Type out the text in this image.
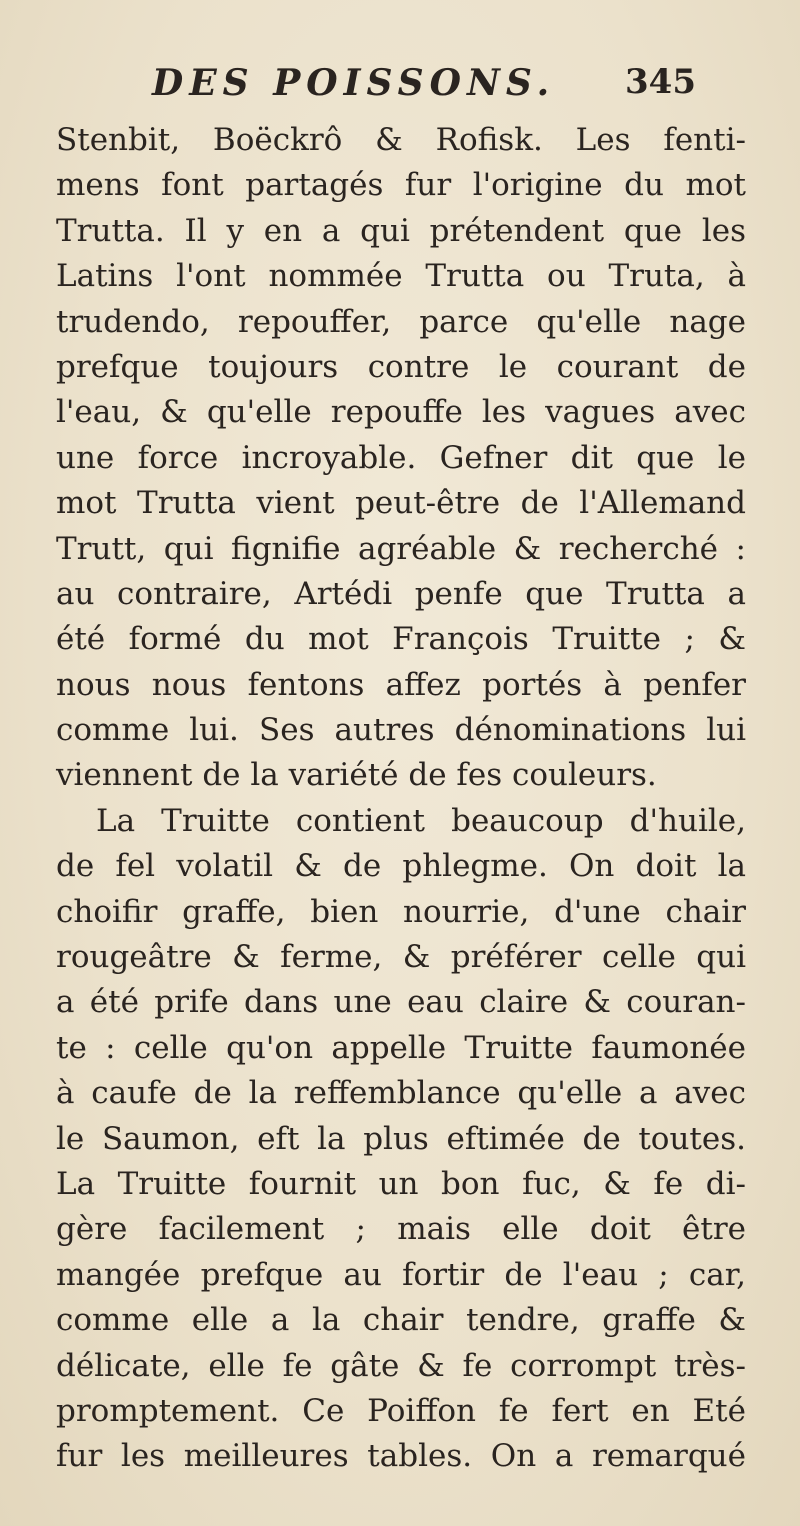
DES POISSONS. 345
Stenbit, Boëckrô & Rofisk. Les fenti-
mens font partagés fur l'origine du mot
Trutta. Il y en a qui prétendent que les
Latins l'ont nommée Trutta ou Truta, à
trudendo, repouffer, parce qu'elle nage
prefque toujours contre le courant de
l'eau, & qu'elle repouffe les vagues avec
une force incroyable. Gefner dit que le
mot Trutta vient peut-être de l'Allemand
Trutt, qui fignifie agréable & recherché :
au contraire, Artédi penfe que Trutta a
été formé du mot François Truitte ; &
nous nous fentons affez portés à penfer
comme lui. Ses autres dénominations lui
viennent de la variété de fes couleurs.
La Truitte contient beaucoup d'huile,
de fel volatil & de phlegme. On doit la
choifir graffe, bien nourrie, d'une chair
rougeâtre & ferme, & préférer celle qui
a été prife dans une eau claire & couran-
te : celle qu'on appelle Truitte faumonée
à caufe de la reffemblance qu'elle a avec
le Saumon, eft la plus eftimée de toutes.
La Truitte fournit un bon fuc, & fe di-
gère facilement ; mais elle doit être
mangée prefque au fortir de l'eau ; car,
comme elle a la chair tendre, graffe &
délicate, elle fe gâte & fe corrompt très-
promptement. Ce Poiffon fe fert en Eté
fur les meilleures tables. On a remarqué
